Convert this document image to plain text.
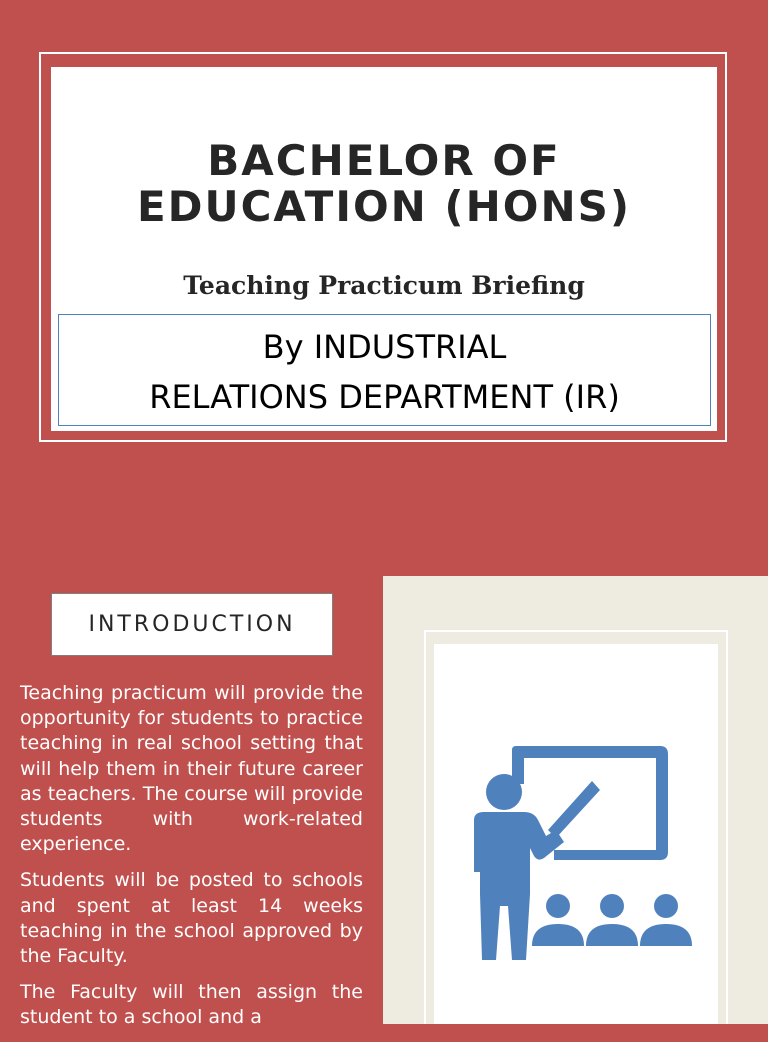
BACHELOR OF
EDUCATION (HONS)
Teaching Practicum Briefing
By INDUSTRIAL
RELATIONS DEPARTMENT (IR)
INTRODUCTION

Teaching practicum will provide the opportunity for students to practice teaching in real school setting that will help them in their future career as teachers. The course will provide students with work-related experience.

Students will be posted to schools and spent at least 14 weeks teaching in the school approved by the Faculty.

The Faculty will then assign the student to a school and a
